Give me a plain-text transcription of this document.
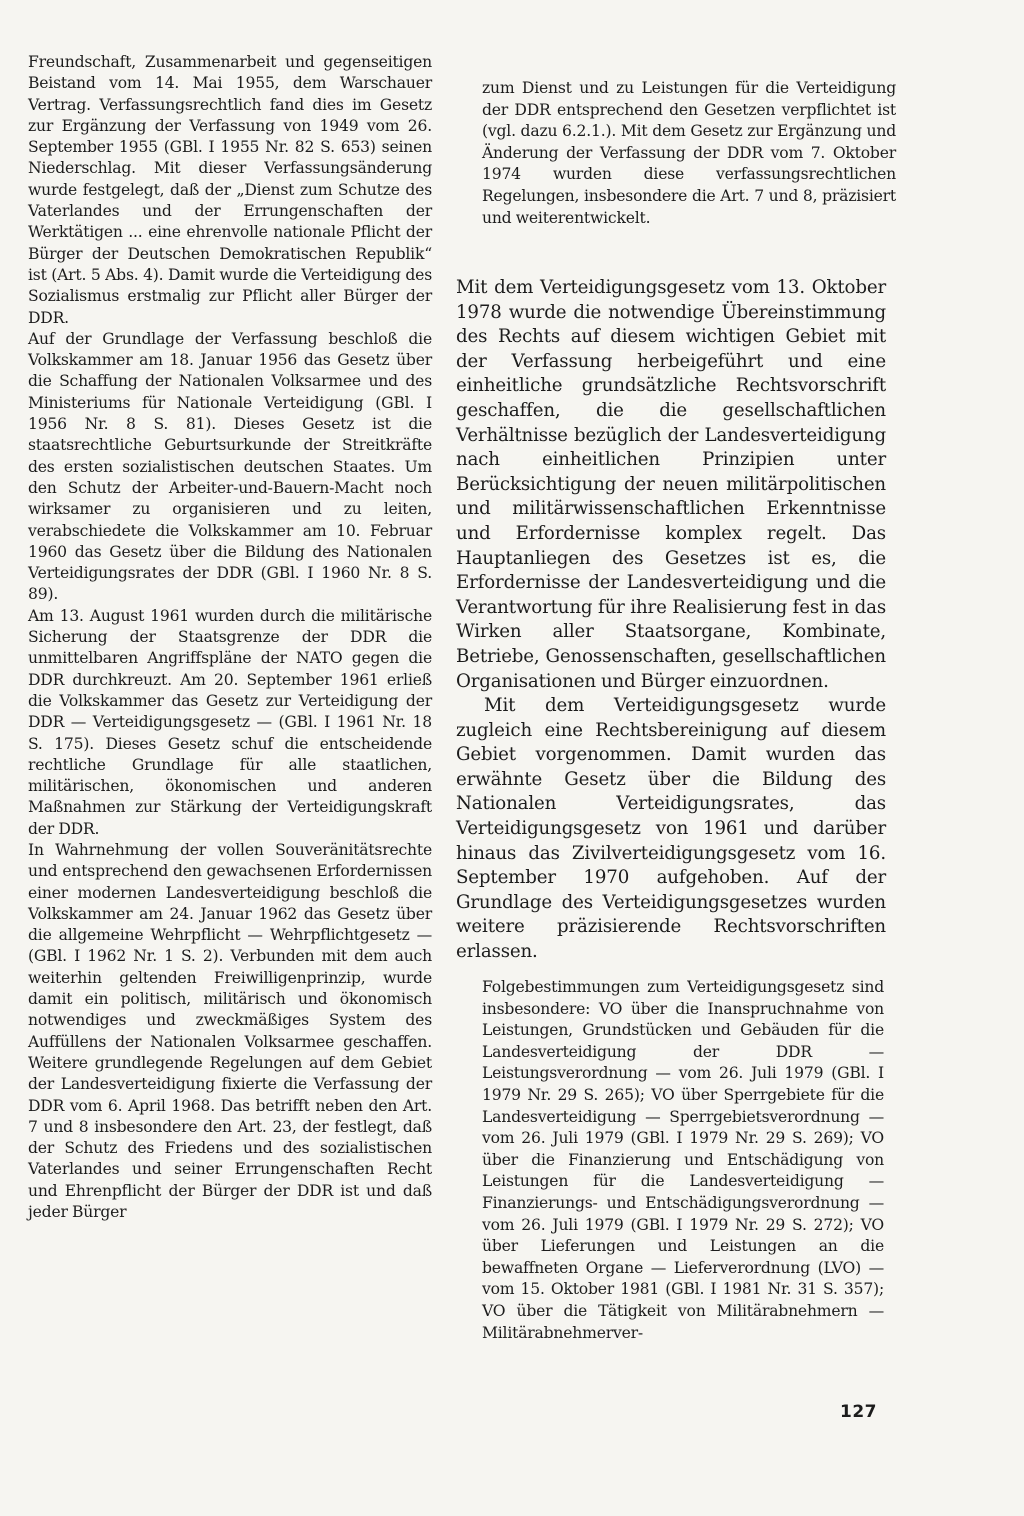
Freundschaft, Zusammenarbeit und gegenseitigen Beistand vom 14. Mai 1955, dem Warschauer Vertrag. Verfassungsrechtlich fand dies im Gesetz zur Ergänzung der Verfassung von 1949 vom 26. September 1955 (GBl. I 1955 Nr. 82 S. 653) seinen Niederschlag. Mit dieser Verfassungsänderung wurde festgelegt, daß der „Dienst zum Schutze des Vaterlandes und der Errungenschaften der Werktätigen ... eine ehrenvolle nationale Pflicht der Bürger der Deutschen Demokratischen Republik“ ist (Art. 5 Abs. 4). Damit wurde die Verteidigung des Sozialismus erstmalig zur Pflicht aller Bürger der DDR.

Auf der Grundlage der Verfassung beschloß die Volkskammer am 18. Januar 1956 das Gesetz über die Schaffung der Nationalen Volksarmee und des Ministeriums für Nationale Verteidigung (GBl. I 1956 Nr. 8 S. 81). Dieses Gesetz ist die staatsrechtliche Geburtsurkunde der Streitkräfte des ersten sozialistischen deutschen Staates. Um den Schutz der Arbeiter-und-Bauern-Macht noch wirksamer zu organisieren und zu leiten, verabschiedete die Volkskammer am 10. Februar 1960 das Gesetz über die Bildung des Nationalen Verteidigungsrates der DDR (GBl. I 1960 Nr. 8 S. 89).

Am 13. August 1961 wurden durch die militärische Sicherung der Staatsgrenze der DDR die unmittelbaren Angriffspläne der NATO gegen die DDR durchkreuzt. Am 20. September 1961 erließ die Volkskammer das Gesetz zur Verteidigung der DDR — Verteidigungsgesetz — (GBl. I 1961 Nr. 18 S. 175). Dieses Gesetz schuf die entscheidende rechtliche Grundlage für alle staatlichen, militärischen, ökonomischen und anderen Maßnahmen zur Stärkung der Verteidigungskraft der DDR.

In Wahrnehmung der vollen Souveränitätsrechte und entsprechend den gewachsenen Erfordernissen einer modernen Landesverteidigung beschloß die Volkskammer am 24. Januar 1962 das Gesetz über die allgemeine Wehrpflicht — Wehrpflichtgesetz — (GBl. I 1962 Nr. 1 S. 2). Verbunden mit dem auch weiterhin geltenden Freiwilligenprinzip, wurde damit ein politisch, militärisch und ökonomisch notwendiges und zweckmäßiges System des Auffüllens der Nationalen Volksarmee geschaffen. Weitere grundlegende Regelungen auf dem Gebiet der Landesverteidigung fixierte die Verfassung der DDR vom 6. April 1968. Das betrifft neben den Art. 7 und 8 insbesondere den Art. 23, der festlegt, daß der Schutz des Friedens und des sozialistischen Vaterlandes und seiner Errungenschaften Recht und Ehrenpflicht der Bürger der DDR ist und daß jeder Bürger

zum Dienst und zu Leistungen für die Verteidigung der DDR entsprechend den Gesetzen verpflichtet ist (vgl. dazu 6.2.1.). Mit dem Gesetz zur Ergänzung und Änderung der Verfassung der DDR vom 7. Oktober 1974 wurden diese verfassungsrechtlichen Regelungen, insbesondere die Art. 7 und 8, präzisiert und weiterentwickelt.

Mit dem Verteidigungsgesetz vom 13. Oktober 1978 wurde die notwendige Übereinstimmung des Rechts auf diesem wichtigen Gebiet mit der Verfassung herbeigeführt und eine einheitliche grundsätzliche Rechtsvorschrift geschaffen, die die gesellschaftlichen Verhältnisse bezüglich der Landesverteidigung nach einheitlichen Prinzipien unter Berücksichtigung der neuen militärpolitischen und militärwissenschaftlichen Erkenntnisse und Erfordernisse komplex regelt. Das Hauptanliegen des Gesetzes ist es, die Erfordernisse der Landesverteidigung und die Verantwortung für ihre Realisierung fest in das Wirken aller Staatsorgane, Kombinate, Betriebe, Genossenschaften, gesellschaftlichen Organisationen und Bürger einzuordnen.

Mit dem Verteidigungsgesetz wurde zugleich eine Rechtsbereinigung auf diesem Gebiet vorgenommen. Damit wurden das erwähnte Gesetz über die Bildung des Nationalen Verteidigungsrates, das Verteidigungsgesetz von 1961 und darüber hinaus das Zivilverteidigungsgesetz vom 16. September 1970 aufgehoben. Auf der Grundlage des Verteidigungsgesetzes wurden weitere präzisierende Rechtsvorschriften erlassen.

Folgebestimmungen zum Verteidigungsgesetz sind insbesondere: VO über die Inanspruchnahme von Leistungen, Grundstücken und Gebäuden für die Landesverteidigung der DDR — Leistungsverordnung — vom 26. Juli 1979 (GBl. I 1979 Nr. 29 S. 265); VO über Sperrgebiete für die Landesverteidigung — Sperrgebietsverordnung — vom 26. Juli 1979 (GBl. I 1979 Nr. 29 S. 269); VO über die Finanzierung und Entschädigung von Leistungen für die Landesverteidigung — Finanzierungs- und Entschädigungsverordnung — vom 26. Juli 1979 (GBl. I 1979 Nr. 29 S. 272); VO über Lieferungen und Leistungen an die bewaffneten Organe — Lieferverordnung (LVO) — vom 15. Oktober 1981 (GBl. I 1981 Nr. 31 S. 357); VO über die Tätigkeit von Militärabnehmern — Militärabnehmerver-

127
